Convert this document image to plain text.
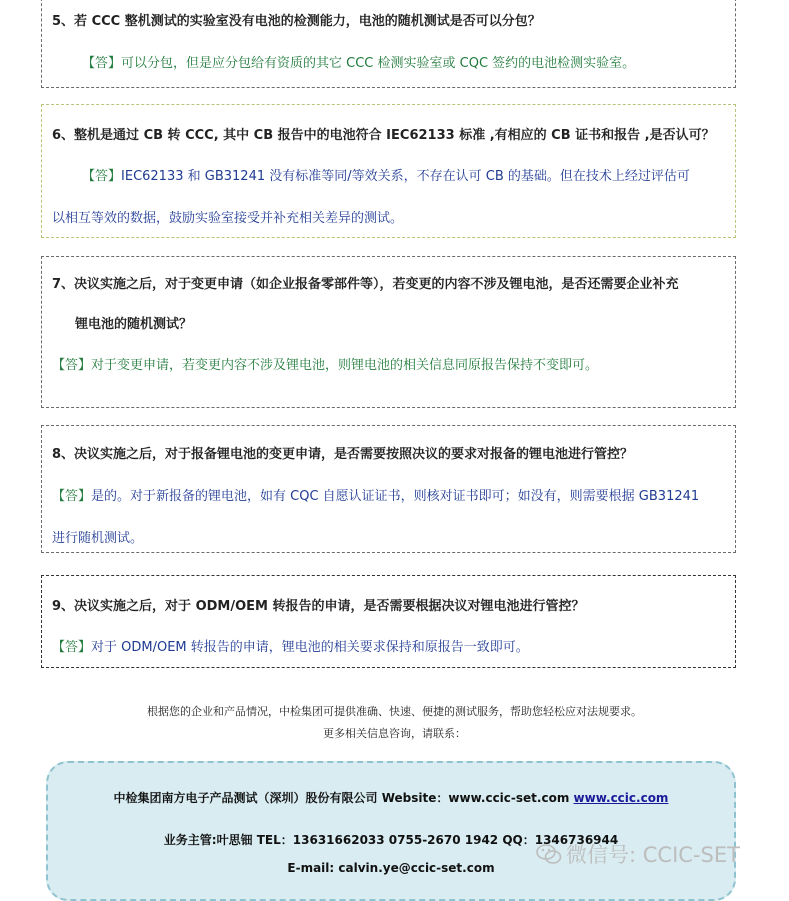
5、若 CCC 整机测试的实验室没有电池的检测能力，电池的随机测试是否可以分包？
【答】可以分包，但是应分包给有资质的其它 CCC 检测实验室或 CQC 签约的电池检测实验室。
6、整机是通过 CB 转 CCC, 其中 CB 报告中的电池符合 IEC62133 标准 ,有相应的 CB 证书和报告 ,是否认可？
【答】IEC62133 和 GB31241 没有标准等同/等效关系，不存在认可 CB 的基础。但在技术上经过评估可
以相互等效的数据，鼓励实验室接受并补充相关差异的测试。
7、决议实施之后，对于变更申请（如企业报备零部件等），若变更的内容不涉及锂电池，是否还需要企业补充
锂电池的随机测试？
【答】对于变更申请，若变更内容不涉及锂电池，则锂电池的相关信息同原报告保持不变即可。
8、决议实施之后，对于报备锂电池的变更申请，是否需要按照决议的要求对报备的锂电池进行管控？
【答】是的。对于新报备的锂电池，如有 CQC 自愿认证证书，则核对证书即可；如没有，则需要根据 GB31241
进行随机测试。
9、决议实施之后，对于 ODM/OEM 转报告的申请，是否需要根据决议对锂电池进行管控？
【答】对于 ODM/OEM 转报告的申请，锂电池的相关要求保持和原报告一致即可。
根据您的企业和产品情况，中检集团可提供准确、快速、便捷的测试服务，帮助您轻松应对法规要求。
更多相关信息咨询，请联系：
中检集团南方电子产品测试（深圳）股份有限公司 Website：www.ccic-set.com www.ccic.com
业务主管:叶思钿 TEL：13631662033 0755-2670 1942 QQ：1346736944
E-mail: calvin.ye@ccic-set.com
微信号: CCIC-SET
